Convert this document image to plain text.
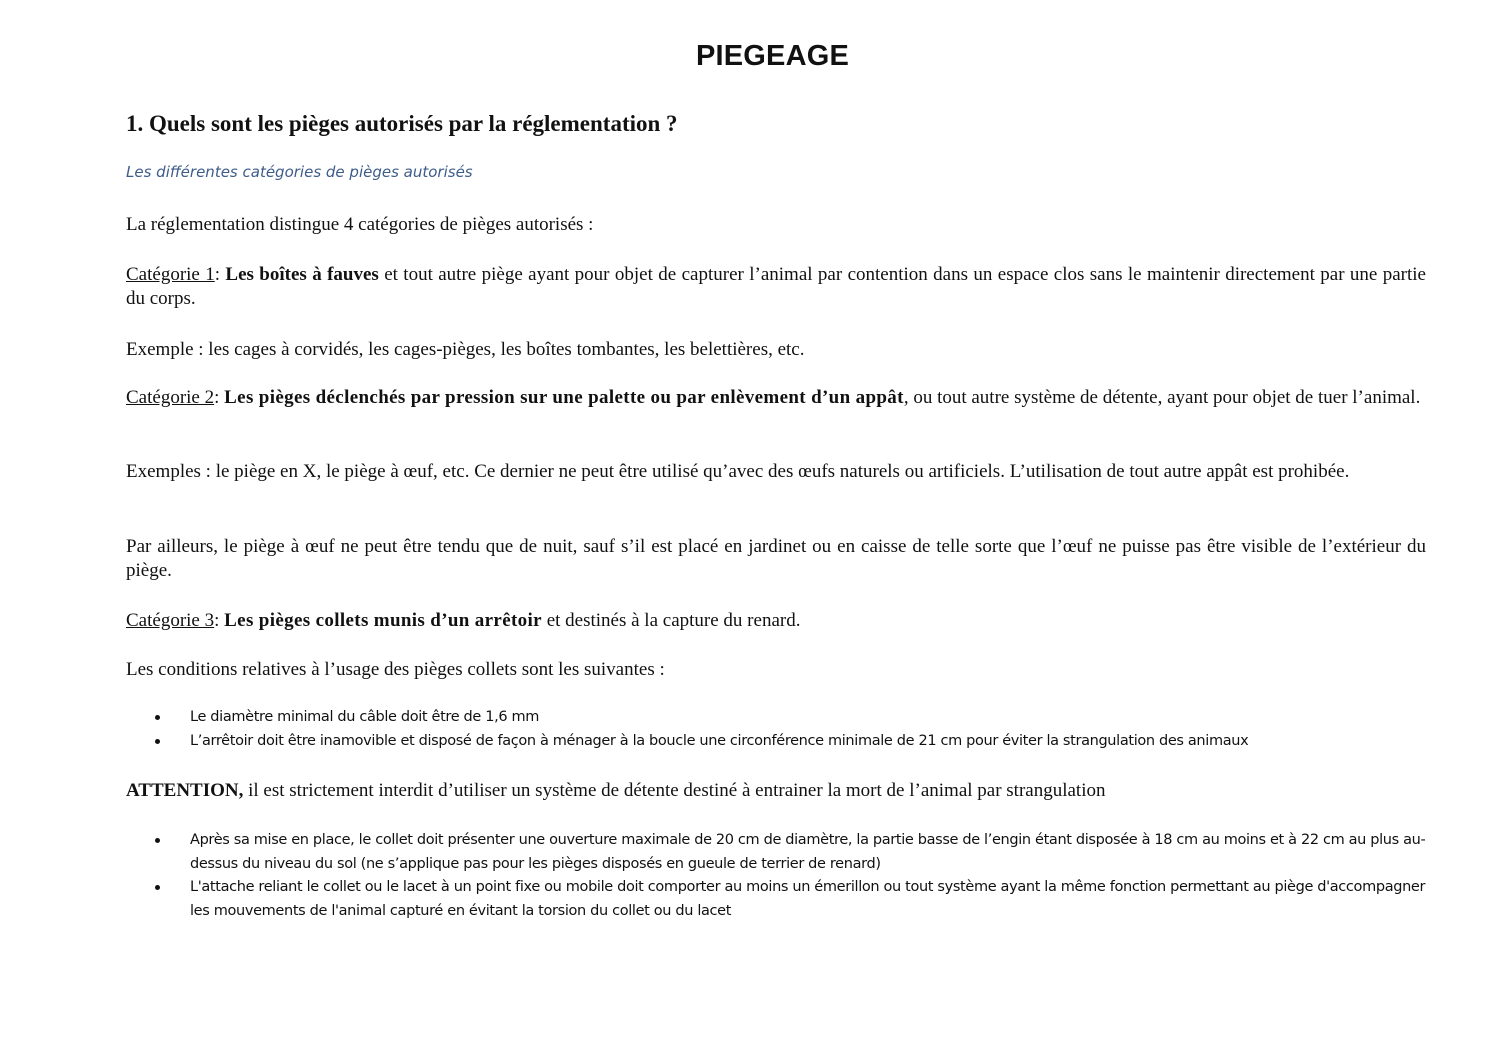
PIEGEAGE
1. Quels sont les pièges autorisés par la réglementation ?
Les différentes catégories de pièges autorisés
La réglementation distingue 4 catégories de pièges autorisés :
Catégorie 1: Les boîtes à fauves et tout autre piège ayant pour objet de capturer l’animal par contention dans un espace clos sans le maintenir directement par une partie du corps.
Exemple : les cages à corvidés, les cages-pièges, les boîtes tombantes, les belettières, etc.
Catégorie 2: Les pièges déclenchés par pression sur une palette ou par enlèvement d’un appât, ou tout autre système de détente, ayant pour objet de tuer l’animal.
Exemples : le piège en X, le piège à œuf, etc. Ce dernier ne peut être utilisé qu’avec des œufs naturels ou artificiels. L’utilisation de tout autre appât est prohibée.
Par ailleurs, le piège à œuf ne peut être tendu que de nuit, sauf s’il est placé en jardinet ou en caisse de telle sorte que l’œuf ne puisse pas être visible de l’extérieur du piège.
Catégorie 3: Les pièges collets munis d’un arrêtoir et destinés à la capture du renard.
Les conditions relatives à l’usage des pièges collets sont les suivantes :
Le diamètre minimal du câble doit être de 1,6 mm
L’arrêtoir doit être inamovible et disposé de façon à ménager à la boucle une circonférence minimale de 21 cm pour éviter la strangulation des animaux
ATTENTION, il est strictement interdit d’utiliser un système de détente destiné à entrainer la mort de l’animal par strangulation
Après sa mise en place, le collet doit présenter une ouverture maximale de 20 cm de diamètre, la partie basse de l’engin étant disposée à 18 cm au moins et à 22 cm au plus au-dessus du niveau du sol (ne s’applique pas pour les pièges disposés en gueule de terrier de renard)
L'attache reliant le collet ou le lacet à un point fixe ou mobile doit comporter au moins un émerillon ou tout système ayant la même fonction permettant au piège d'accompagner les mouvements de l'animal capturé en évitant la torsion du collet ou du lacet
